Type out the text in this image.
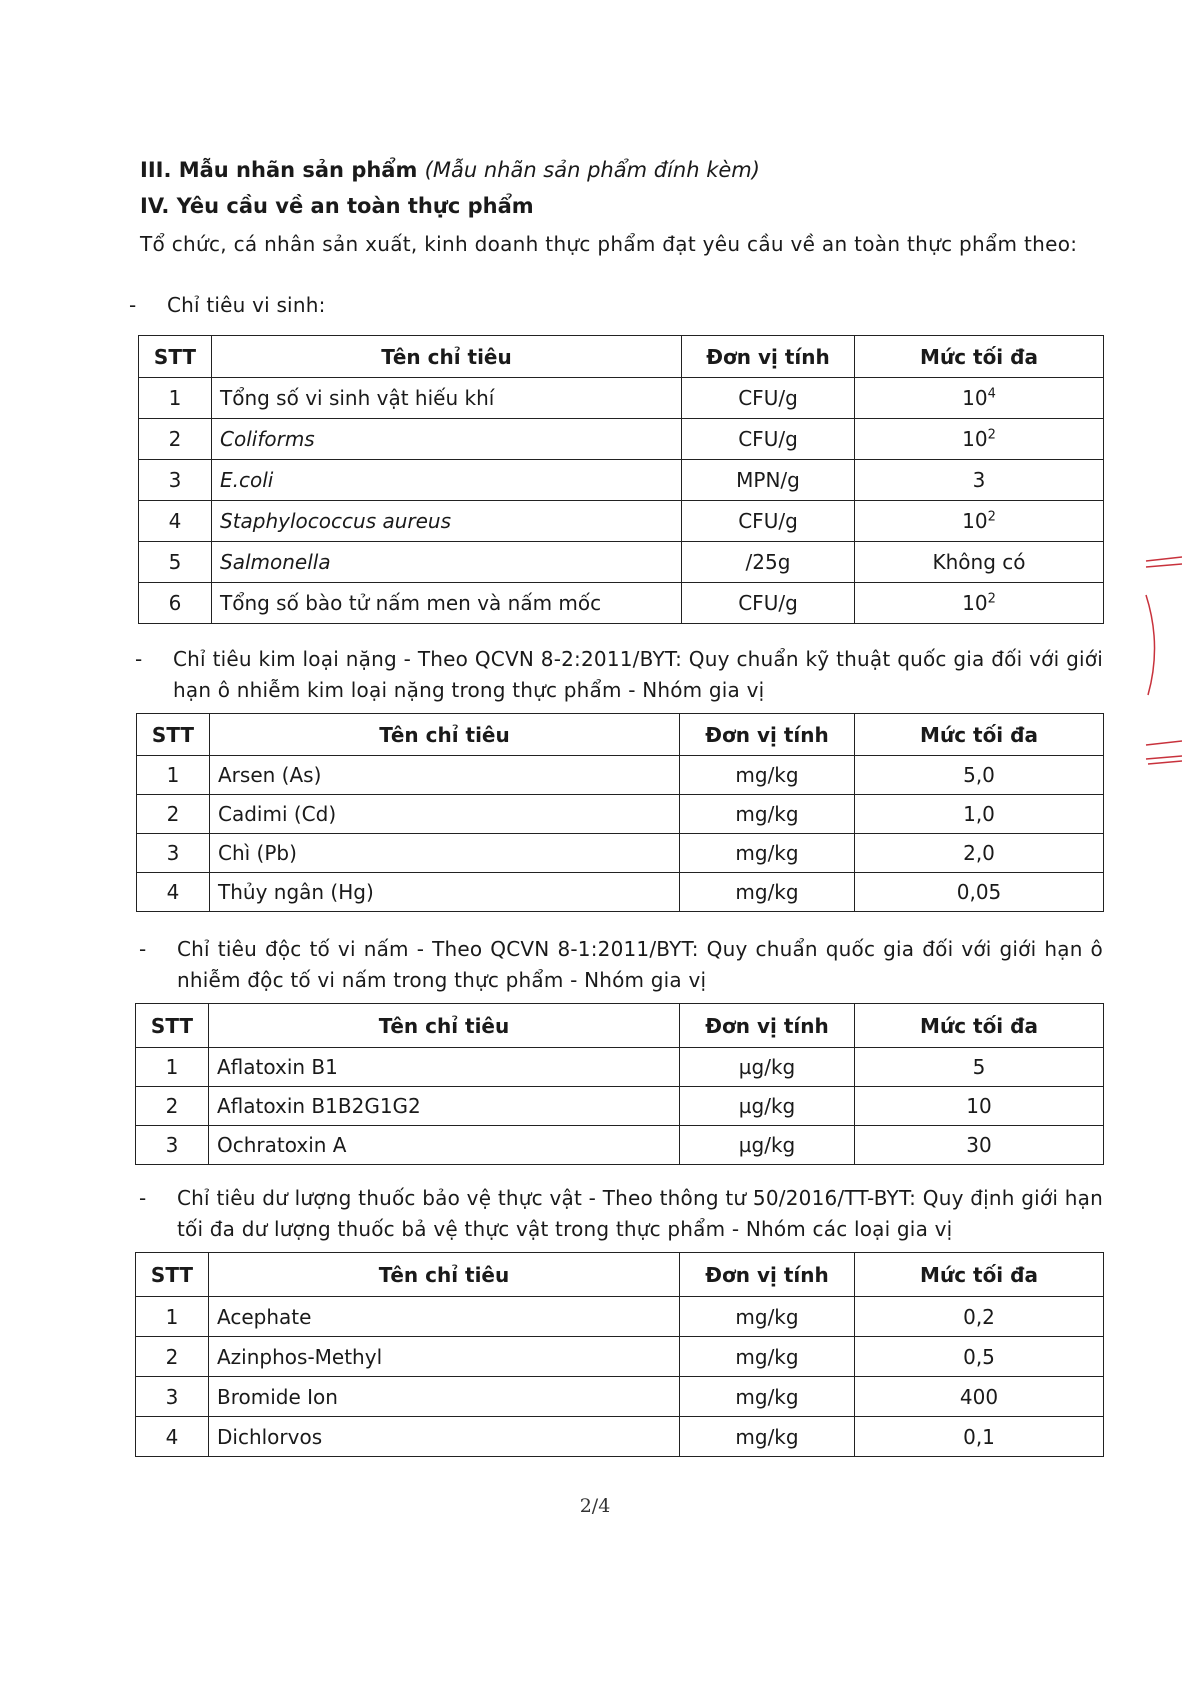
III. Mẫu nhãn sản phẩm (Mẫu nhãn sản phẩm đính kèm)
IV. Yêu cầu về an toàn thực phẩm
Tổ chức, cá nhân sản xuất, kinh doanh thực phẩm đạt yêu cầu về an toàn thực phẩm theo:
- Chỉ tiêu vi sinh:
STT	Tên chỉ tiêu	Đơn vị tính	Mức tối đa
1	Tổng số vi sinh vật hiếu khí	CFU/g	$10^4$
2	Coliforms	CFU/g	$10^2$
3	E.coli	MPN/g	3
4	Staphylococcus aureus	CFU/g	$10^2$
5	Salmonella	/25g	Không có
6	Tổng số bào tử nấm men và nấm mốc	CFU/g	$10^2$
- Chỉ tiêu kim loại nặng - Theo QCVN 8-2:2011/BYT: Quy chuẩn kỹ thuật quốc gia đối với giới hạn ô nhiễm kim loại nặng trong thực phẩm - Nhóm gia vị
STT	Tên chỉ tiêu	Đơn vị tính	Mức tối đa
1	Arsen (As)	mg/kg	5,0
2	Cadimi (Cd)	mg/kg	1,0
3	Chì (Pb)	mg/kg	2,0
4	Thủy ngân (Hg)	mg/kg	0,05
- Chỉ tiêu độc tố vi nấm - Theo QCVN 8-1:2011/BYT: Quy chuẩn quốc gia đối với giới hạn ô nhiễm độc tố vi nấm trong thực phẩm - Nhóm gia vị
STT	Tên chỉ tiêu	Đơn vị tính	Mức tối đa
1	Aflatoxin B1	µg/kg	5
2	Aflatoxin B1B2G1G2	µg/kg	10
3	Ochratoxin A	µg/kg	30
- Chỉ tiêu dư lượng thuốc bảo vệ thực vật - Theo thông tư 50/2016/TT-BYT: Quy định giới hạn tối đa dư lượng thuốc bả vệ thực vật trong thực phẩm - Nhóm các loại gia vị
STT	Tên chỉ tiêu	Đơn vị tính	Mức tối đa
1	Acephate	mg/kg	0,2
2	Azinphos-Methyl	mg/kg	0,5
3	Bromide Ion	mg/kg	400
4	Dichlorvos	mg/kg	0,1
2/4
